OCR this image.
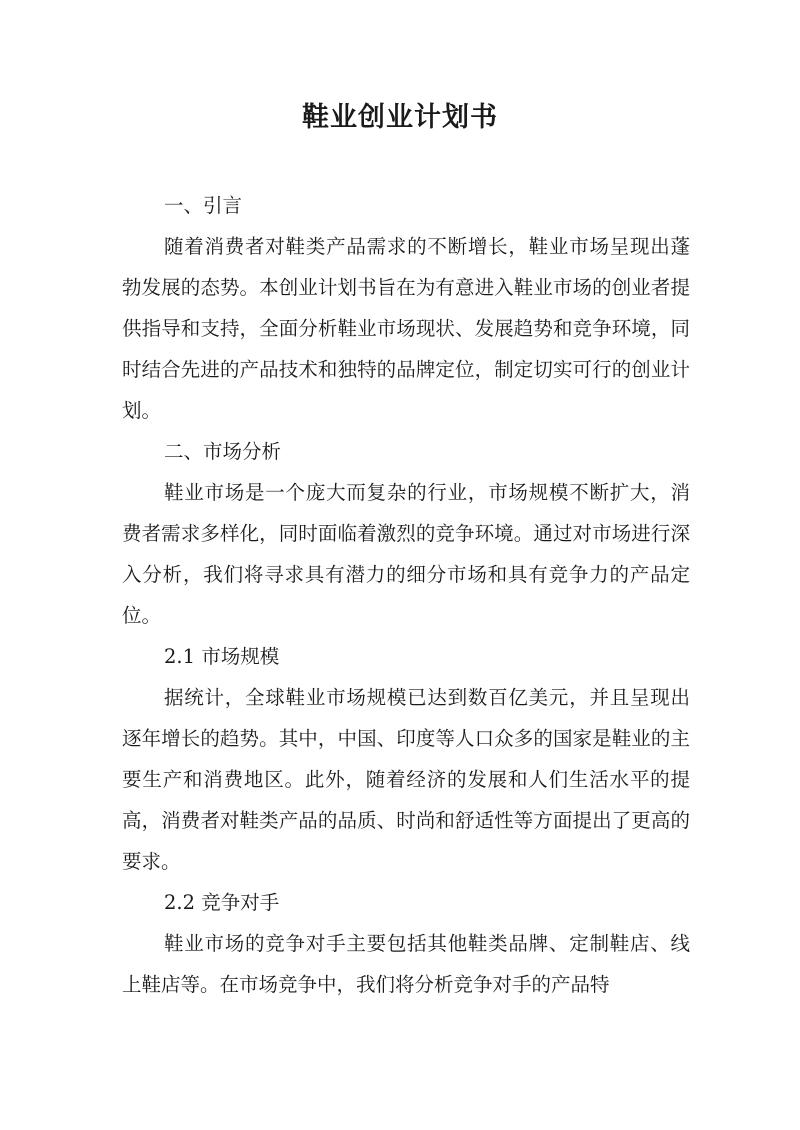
鞋业创业计划书

一、引言

随着消费者对鞋类产品需求的不断增长，鞋业市场呈现出蓬勃发展的态势。本创业计划书旨在为有意进入鞋业市场的创业者提供指导和支持，全面分析鞋业市场现状、发展趋势和竞争环境，同时结合先进的产品技术和独特的品牌定位，制定切实可行的创业计划。

二、市场分析

鞋业市场是一个庞大而复杂的行业，市场规模不断扩大，消费者需求多样化，同时面临着激烈的竞争环境。通过对市场进行深入分析，我们将寻求具有潜力的细分市场和具有竞争力的产品定位。

2.1 市场规模

据统计，全球鞋业市场规模已达到数百亿美元，并且呈现出逐年增长的趋势。其中，中国、印度等人口众多的国家是鞋业的主要生产和消费地区。此外，随着经济的发展和人们生活水平的提高，消费者对鞋类产品的品质、时尚和舒适性等方面提出了更高的要求。

2.2 竞争对手

鞋业市场的竞争对手主要包括其他鞋类品牌、定制鞋店、线上鞋店等。在市场竞争中，我们将分析竞争对手的产品特
